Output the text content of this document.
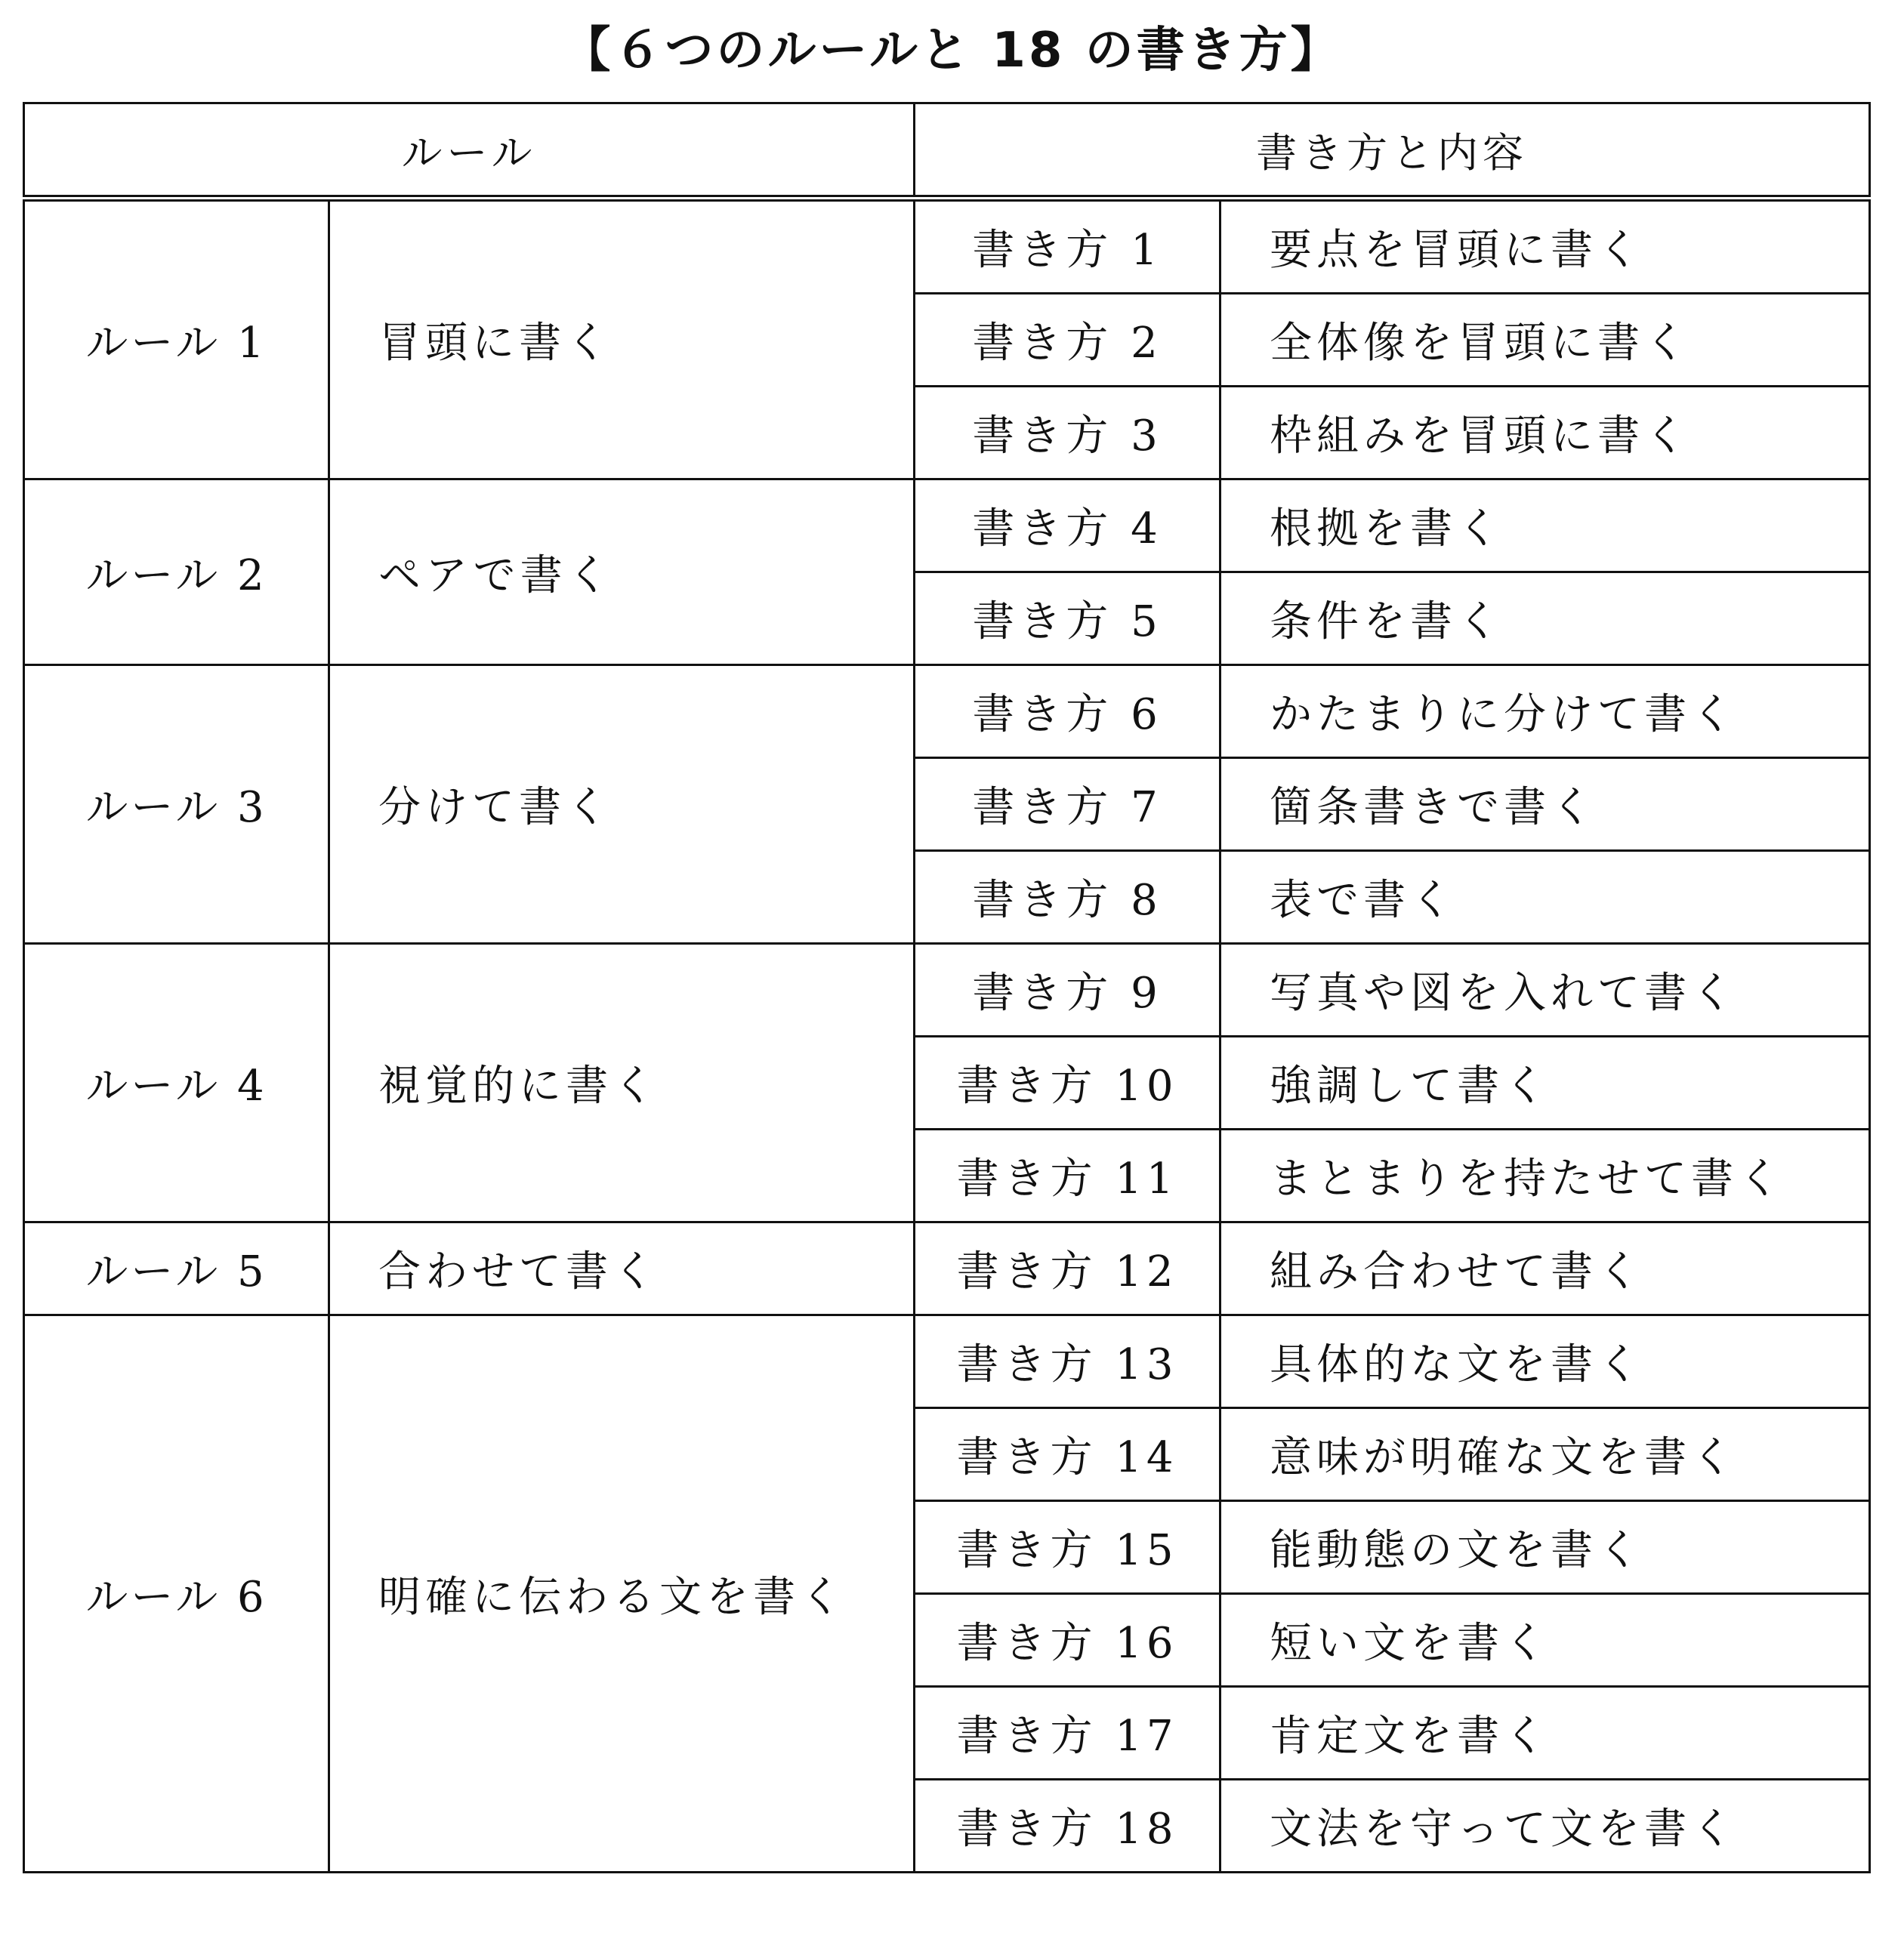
【６つのルールと 18 の書き方】
ルール		書き方と内容	
ルール 1	冒頭に書く	書き方 1	要点を冒頭に書く
		書き方 2	全体像を冒頭に書く
		書き方 3	枠組みを冒頭に書く
ルール 2	ペアで書く	書き方 4	根拠を書く
		書き方 5	条件を書く
ルール 3	分けて書く	書き方 6	かたまりに分けて書く
		書き方 7	箇条書きで書く
		書き方 8	表で書く
ルール 4	視覚的に書く	書き方 9	写真や図を入れて書く
		書き方 10	強調して書く
		書き方 11	まとまりを持たせて書く
ルール 5	合わせて書く	書き方 12	組み合わせて書く
ルール 6	明確に伝わる文を書く	書き方 13	具体的な文を書く
		書き方 14	意味が明確な文を書く
		書き方 15	能動態の文を書く
		書き方 16	短い文を書く
		書き方 17	肯定文を書く
		書き方 18	文法を守って文を書く
